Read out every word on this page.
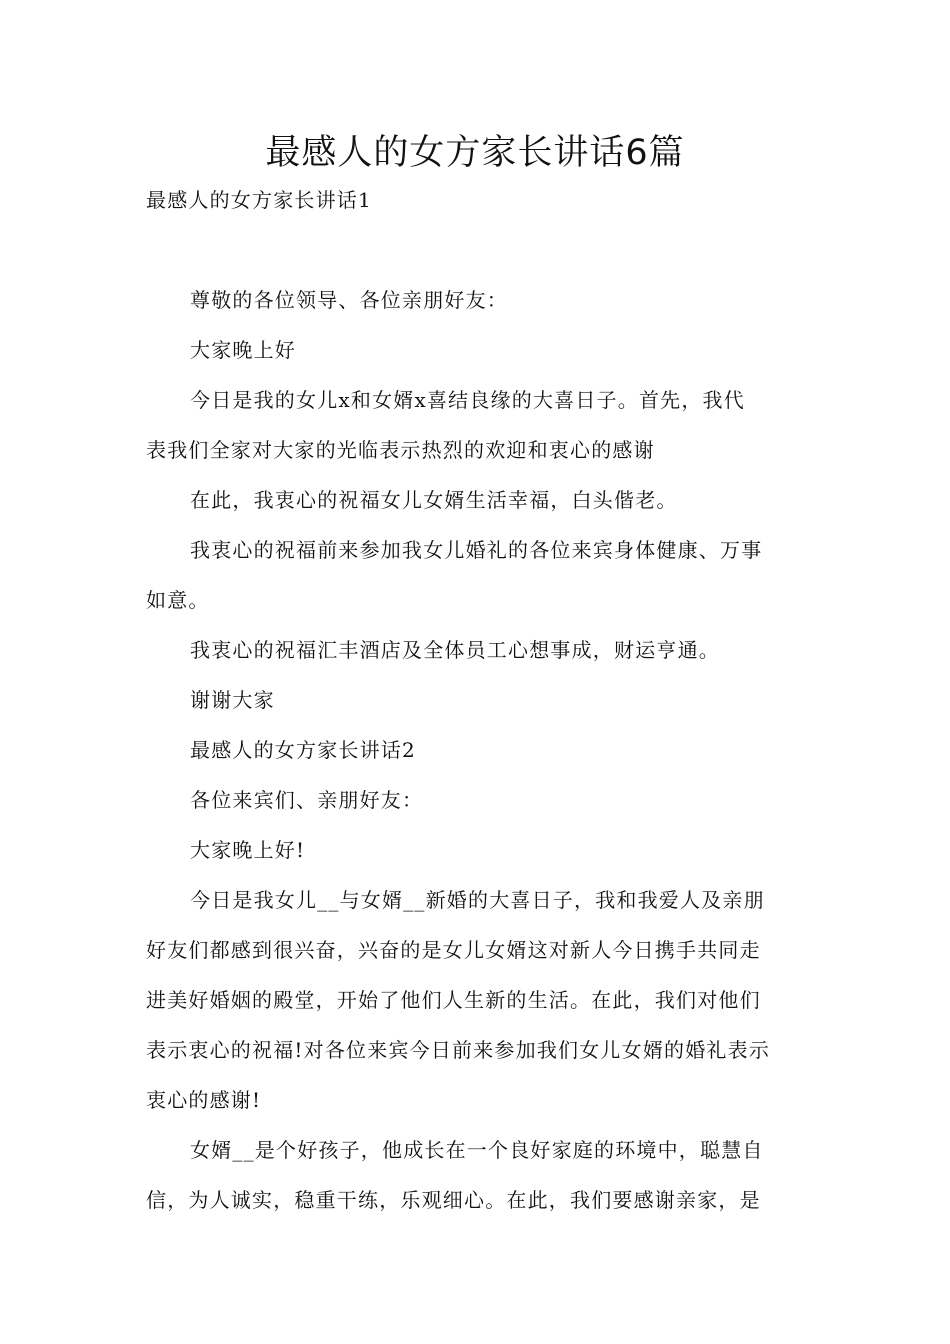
最感人的女方家长讲话6篇
最感人的女方家长讲话1
尊敬的各位领导、各位亲朋好友：
大家晚上好
今日是我的女儿x和女婿x喜结良缘的大喜日子。首先，我代
表我们全家对大家的光临表示热烈的欢迎和衷心的感谢
在此，我衷心的祝福女儿女婿生活幸福，白头偕老。
我衷心的祝福前来参加我女儿婚礼的各位来宾身体健康、万事
如意。
我衷心的祝福汇丰酒店及全体员工心想事成，财运亨通。
谢谢大家
最感人的女方家长讲话2
各位来宾们、亲朋好友：
大家晚上好!
今日是我女儿__与女婿__新婚的大喜日子，我和我爱人及亲朋
好友们都感到很兴奋，兴奋的是女儿女婿这对新人今日携手共同走
进美好婚姻的殿堂，开始了他们人生新的生活。在此，我们对他们
表示衷心的祝福!对各位来宾今日前来参加我们女儿女婿的婚礼表示
衷心的感谢!
女婿__是个好孩子，他成长在一个良好家庭的环境中，聪慧自
信，为人诚实，稳重干练，乐观细心。在此，我们要感谢亲家，是
